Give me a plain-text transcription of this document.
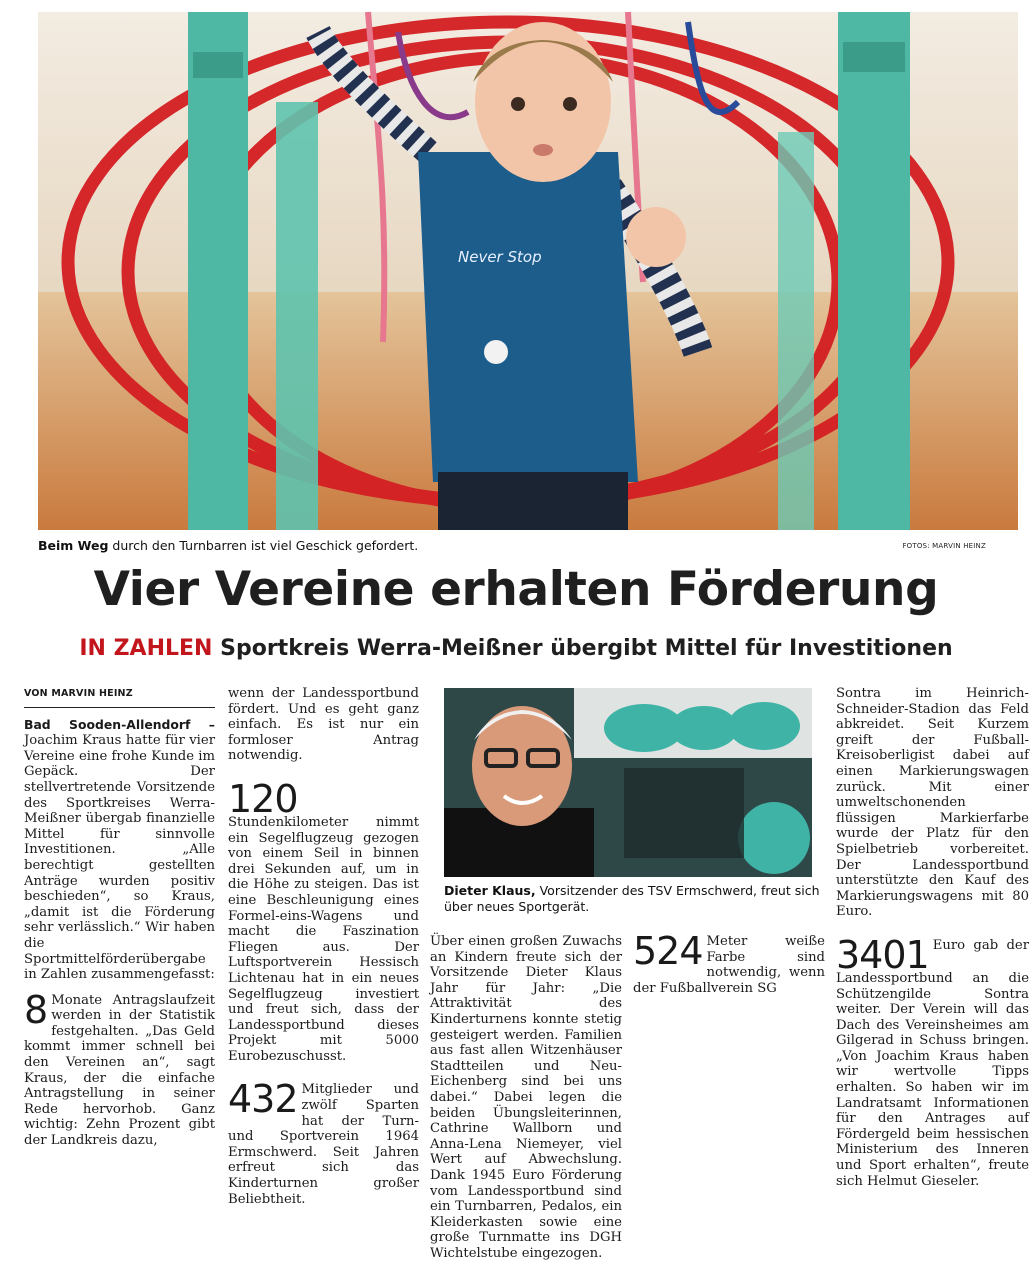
Never Stop
Beim Weg durch den Turnbarren ist viel Geschick gefordert.	FOTOS: MARVIN HEINZ
Vier Vereine erhalten Förderung
IN ZAHLEN Sportkreis Werra-Meißner übergibt Mittel für Investitionen
VON MARVIN HEINZ

Bad Sooden-Allendorf – Joachim Kraus hatte für vier Vereine eine frohe Kunde im Gepäck. Der stellvertretende Vorsitzende des Sportkreises Werra-Meißner übergab finanzielle Mittel für sinnvolle Investitionen. „Alle berechtigt gestellten Anträge wurden positiv beschieden“, so Kraus, „damit ist die Förderung sehr verlässlich.“ Wir haben die Sportmittelförderübergabe in Zahlen zusammengefasst:

8 Monate Antragslaufzeit werden in der Statistik festgehalten. „Das Geld kommt immer schnell bei den Vereinen an“, sagt Kraus, der die einfache Antragstellung in seiner Rede hervorhob. Ganz wichtig: Zehn Prozent gibt der Landkreis dazu,

wenn der Landessportbund fördert. Und es geht ganz einfach. Es ist nur ein formloser Antrag notwendig.

120
Stundenkilometer nimmt ein Segelflugzeug gezogen von einem Seil in binnen drei Sekunden auf, um in die Höhe zu steigen. Das ist eine Beschleunigung eines Formel-eins-Wagens und macht die Faszination Fliegen aus. Der Luftsportverein Hessisch Lichtenau hat in ein neues Segelflugzeug investiert und freut sich, dass der Landessportbund dieses Projekt mit 5000 Eurobezuschusst.
432 Mitglieder und zwölf Sparten hat der Turn- und Sportverein 1964 Ermschwerd. Seit Jahren erfreut sich das Kinderturnen großer Beliebtheit.
Dieter Klaus, Vorsitzender des TSV Ermschwerd, freut sich über neues Sportgerät.

Über einen großen Zuwachs an Kindern freute sich der Vorsitzende Dieter Klaus Jahr für Jahr: „Die Attraktivität des Kinderturnens konnte stetig gesteigert werden. Familien aus fast allen Witzenhäuser Stadtteilen und Neu-Eichenberg sind bei uns dabei.“ Dabei legen die beiden Übungsleiterinnen, Cathrine Wallborn und Anna-Lena Niemeyer, viel Wert auf Abwechslung. Dank 1945 Euro Förderung vom Landessportbund sind ein Turnbarren, Pedalos, ein Kleiderkasten sowie eine große Turnmatte ins DGH Wichtelstube eingezogen.

524 Meter weiße Farbe sind notwendig, wenn der Fußballverein SG

Sontra im Heinrich-Schneider-Stadion das Feld abkreidet. Seit Kurzem greift der Fußball-Kreisoberligist dabei auf einen Markierungswagen zurück. Mit einer umweltschonenden flüssigen Markierfarbe wurde der Platz für den Spielbetrieb vorbereitet. Der Landessportbund unterstützte den Kauf des Markierungswagens mit 80 Euro.

3401 Euro gab der Landessportbund an die Schützengilde Sontra weiter. Der Verein will das Dach des Vereinsheimes am Gilgerad in Schuss bringen. „Von Joachim Kraus haben wir wertvolle Tipps erhalten. So haben wir im Landratsamt Informationen für den Antrages auf Fördergeld beim hessischen Ministerium des Inneren und Sport erhalten“, freute sich Helmut Gieseler.
